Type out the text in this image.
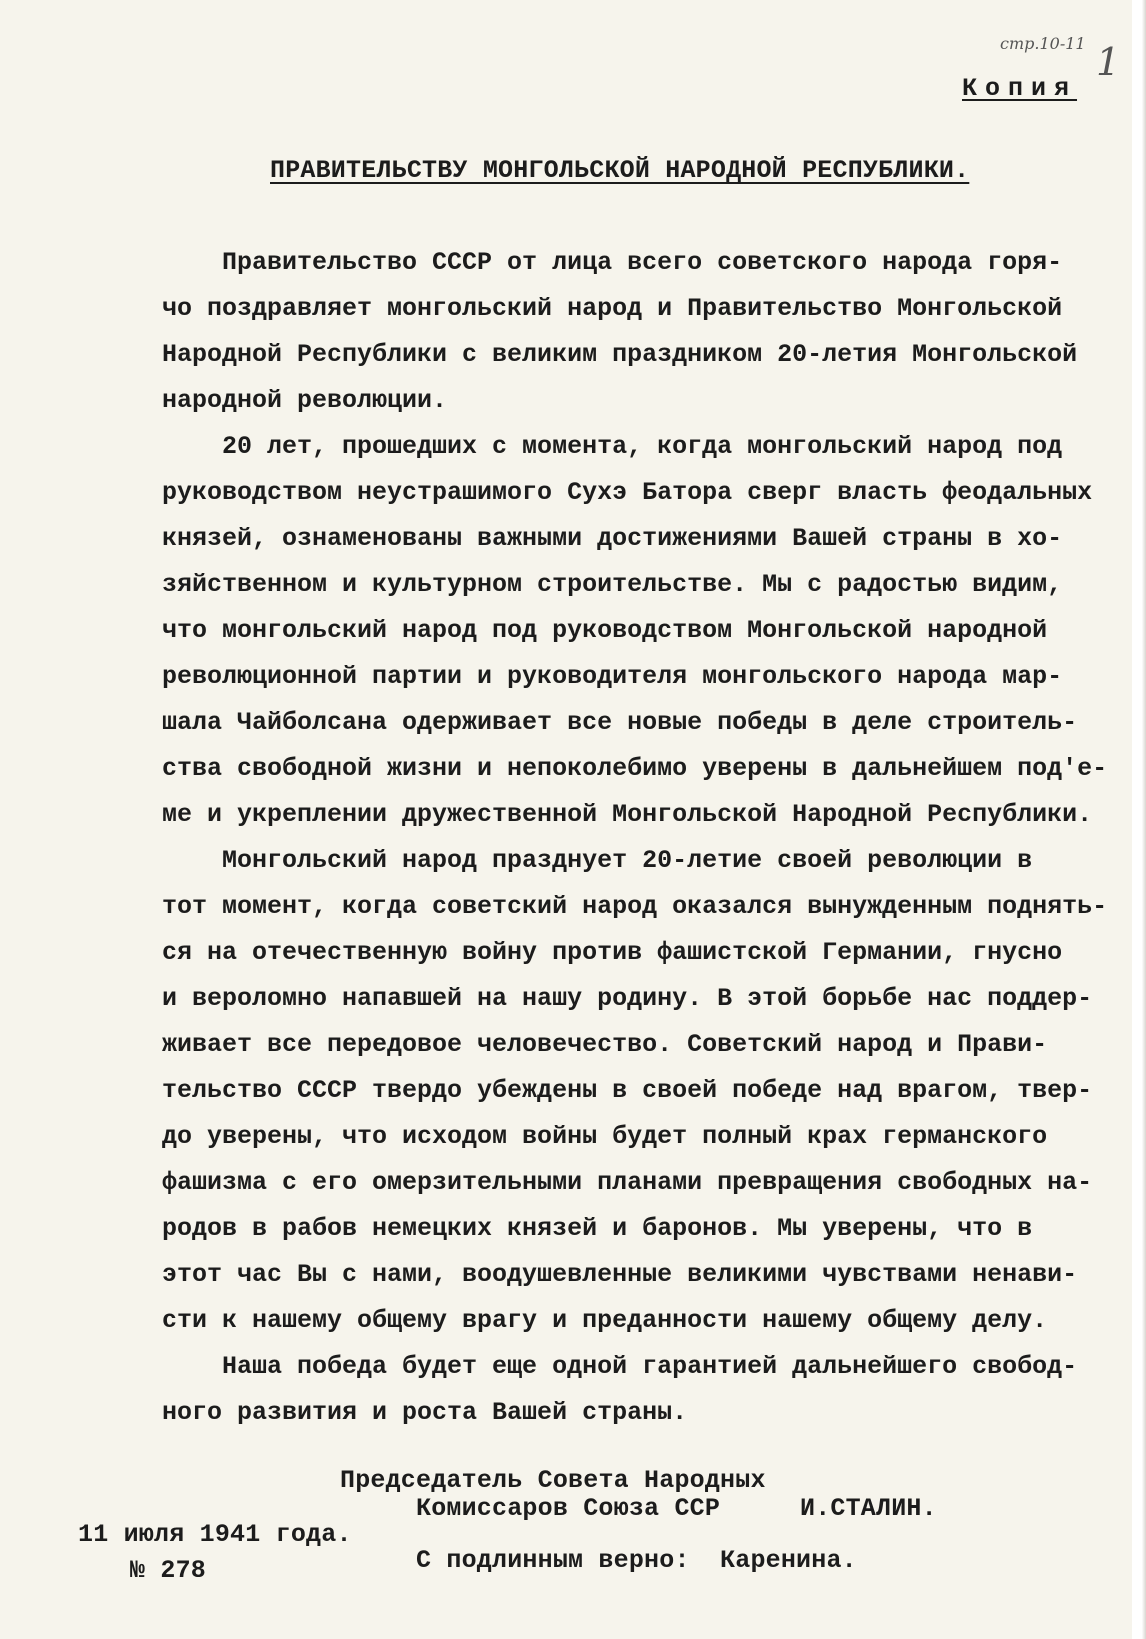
стр.10-11 1
Копия
ПРАВИТЕЛЬСТВУ МОНГОЛЬСКОЙ НАРОДНОЙ РЕСПУБЛИКИ.
Правительство СССР от лица всего советского народа горя-
чо поздравляет монгольский народ и Правительство Монгольской
Народной Республики с великим праздником 20-летия Монгольской
народной революции.
20 лет, прошедших с момента, когда монгольский народ под
руководством неустрашимого Сухэ Батора сверг власть феодальных
князей, ознаменованы важными достижениями Вашей страны в хо-
зяйственном и культурном строительстве. Мы с радостью видим,
что монгольский народ под руководством Монгольской народной
революционной партии и руководителя монгольского народа мар-
шала Чайболсана одерживает все новые победы в деле строитель-
ства свободной жизни и непоколебимо уверены в дальнейшем под'е-
ме и укреплении дружественной Монгольской Народной Республики.
Монгольский народ празднует 20-летие своей революции в
тот момент, когда советский народ оказался вынужденным поднять-
ся на отечественную войну против фашистской Германии, гнусно
и вероломно напавшей на нашу родину. В этой борьбе нас поддер-
живает все передовое человечество. Советский народ и Прави-
тельство СССР твердо убеждены в своей победе над врагом, твер-
до уверены, что исходом войны будет полный крах германского
фашизма с его омерзительными планами превращения свободных на-
родов в рабов немецких князей и баронов. Мы уверены, что в
этот час Вы с нами, воодушевленные великими чувствами ненави-
сти к нашему общему врагу и преданности нашему общему делу.
Наша победа будет еще одной гарантией дальнейшего свобод-
ного развития и роста Вашей страны.
Председатель Совета Народных
Комиссаров Союза ССР	И.СТАЛИН.
11 июля 1941 года.
№ 278	С подлинным верно:  Каренина.
